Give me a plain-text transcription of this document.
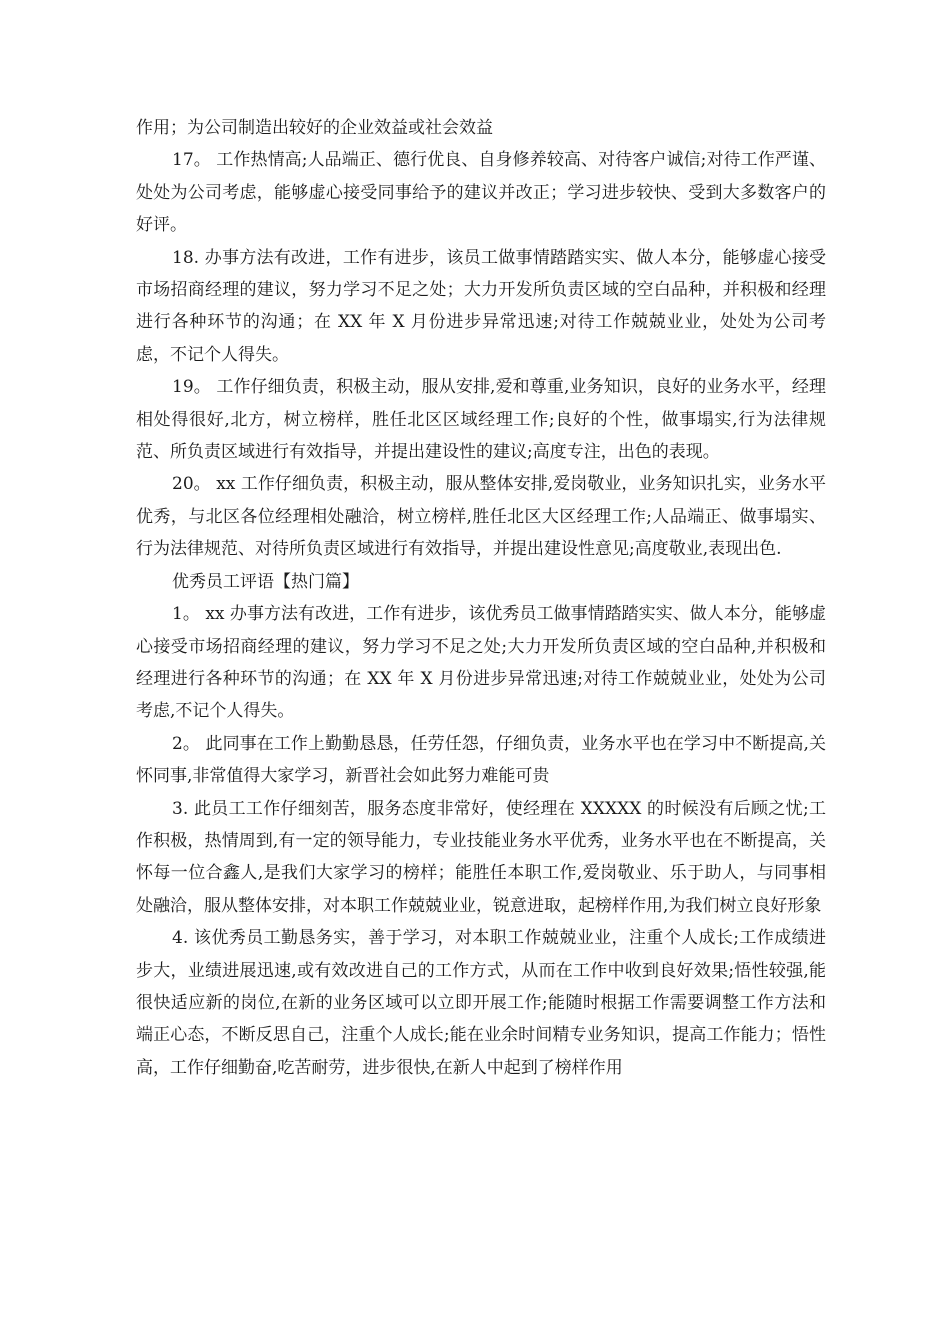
作用；为公司制造出较好的企业效益或社会效益

17。 工作热情高;人品端正、德行优良、自身修养较高、对待客户诚信;对待工作严谨、处处为公司考虑，能够虚心接受同事给予的建议并改正；学习进步较快、受到大多数客户的好评。

18. 办事方法有改进，工作有进步，该员工做事情踏踏实实、做人本分，能够虚心接受市场招商经理的建议，努力学习不足之处；大力开发所负责区域的空白品种，并积极和经理进行各种环节的沟通；在 XX 年 X 月份进步异常迅速;对待工作兢兢业业，处处为公司考虑，不记个人得失。

19。 工作仔细负责，积极主动，服从安排,爱和尊重,业务知识，良好的业务水平，经理相处得很好,北方，树立榜样，胜任北区区域经理工作;良好的个性，做事塌实,行为法律规范、所负责区域进行有效指导，并提出建设性的建议;高度专注，出色的表现。

20。 xx 工作仔细负责，积极主动，服从整体安排,爱岗敬业，业务知识扎实，业务水平优秀，与北区各位经理相处融洽，树立榜样,胜任北区大区经理工作;人品端正、做事塌实、行为法律规范、对待所负责区域进行有效指导，并提出建设性意见;高度敬业,表现出色.

优秀员工评语【热门篇】

1。 xx 办事方法有改进，工作有进步，该优秀员工做事情踏踏实实、做人本分，能够虚心接受市场招商经理的建议，努力学习不足之处;大力开发所负责区域的空白品种,并积极和经理进行各种环节的沟通；在 XX 年 X 月份进步异常迅速;对待工作兢兢业业，处处为公司考虑,不记个人得失。

2。 此同事在工作上勤勤恳恳，任劳任怨，仔细负责，业务水平也在学习中不断提高,关怀同事,非常值得大家学习，新晋社会如此努力难能可贵

3. 此员工工作仔细刻苦，服务态度非常好，使经理在 XXXXX 的时候没有后顾之忧;工作积极，热情周到,有一定的领导能力，专业技能业务水平优秀，业务水平也在不断提高，关怀每一位合鑫人,是我们大家学习的榜样；能胜任本职工作,爱岗敬业、乐于助人，与同事相处融洽，服从整体安排，对本职工作兢兢业业，锐意进取，起榜样作用,为我们树立良好形象

4. 该优秀员工勤恳务实，善于学习，对本职工作兢兢业业，注重个人成长;工作成绩进步大，业绩进展迅速,或有效改进自己的工作方式，从而在工作中收到良好效果;悟性较强,能很快适应新的岗位,在新的业务区域可以立即开展工作;能随时根据工作需要调整工作方法和端正心态，不断反思自己，注重个人成长;能在业余时间精专业务知识，提高工作能力；悟性高，工作仔细勤奋,吃苦耐劳，进步很快,在新人中起到了榜样作用
